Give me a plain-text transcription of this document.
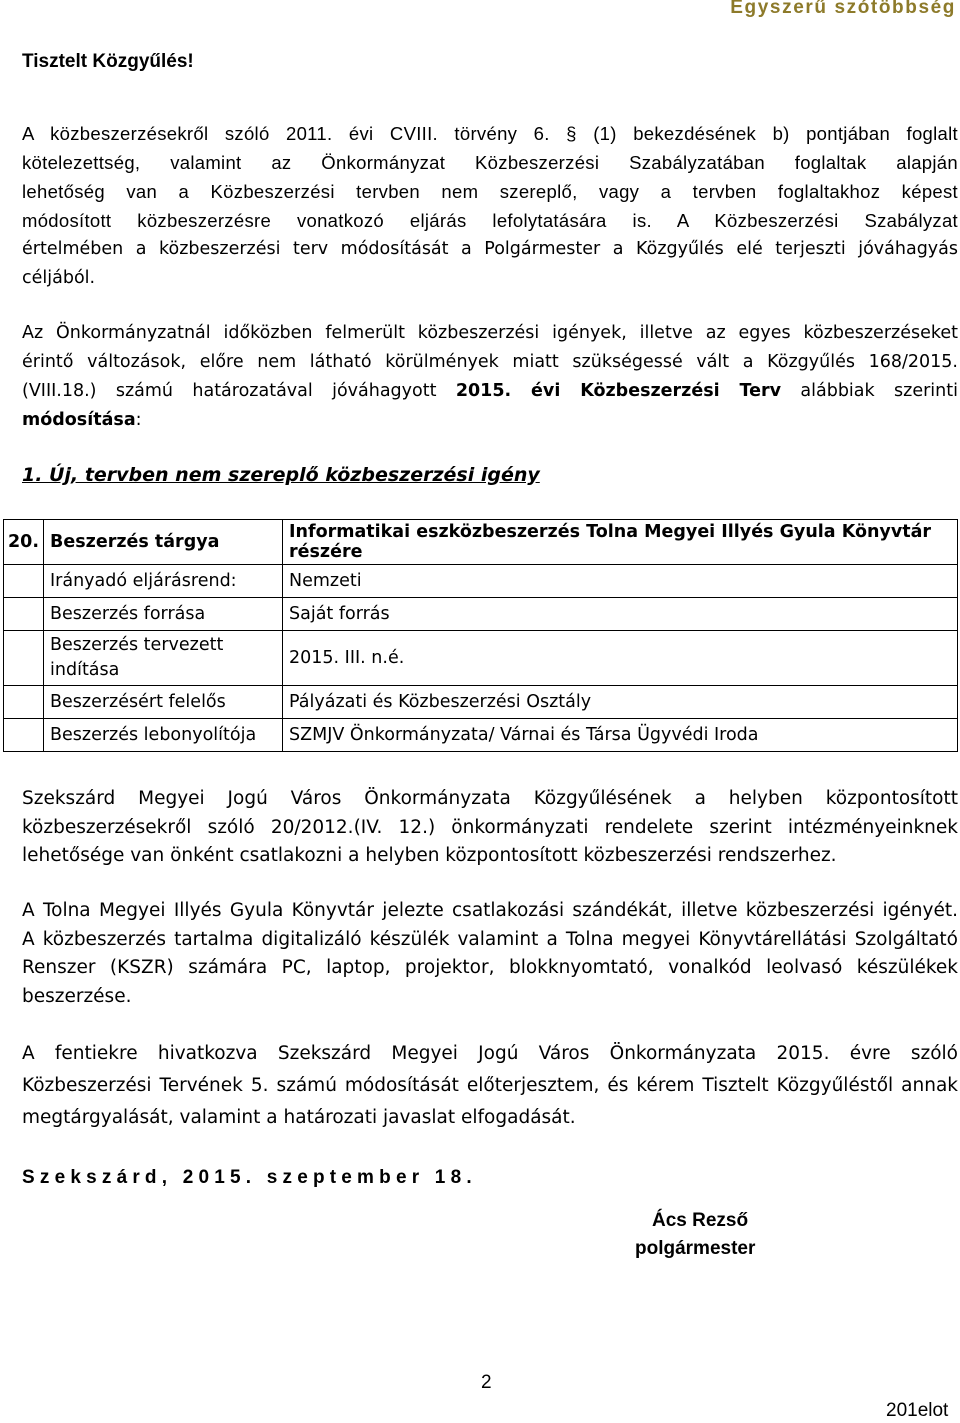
Egyszerű szótöbbség
Tisztelt Közgyűlés!
A közbeszerzésekről szóló 2011. évi CVIII. törvény 6. § (1) bekezdésének b) pontjában foglalt
kötelezettség, valamint az Önkormányzat Közbeszerzési Szabályzatában foglaltak alapján
lehetőség van a Közbeszerzési tervben nem szereplő, vagy a tervben foglaltakhoz képest
módosított közbeszerzésre vonatkozó eljárás lefolytatására is. A Közbeszerzési Szabályzat
értelmében a közbeszerzési terv módosítását a Polgármester a Közgyűlés elé terjeszti jóváhagyás
céljából.
Az Önkormányzatnál időközben felmerült közbeszerzési igények, illetve az egyes közbeszerzéseket
érintő változások, előre nem látható körülmények miatt szükségessé vált a Közgyűlés 168/2015.
(VIII.18.) számú határozatával jóváhagyott 2015. évi Közbeszerzési Terv alábbiak szerinti
módosítása:
1. Új, tervben nem szereplő közbeszerzési igény
20.	Beszerzés tárgya	Informatikai eszközbeszerzés Tolna Megyei Illyés Gyula Könyvtár részére
	Irányadó eljárásrend:	Nemzeti
	Beszerzés forrása	Saját forrás
	Beszerzés tervezett indítása	2015. III. n.é.
	Beszerzésért felelős	Pályázati és Közbeszerzési Osztály
	Beszerzés lebonyolítója	SZMJV Önkormányzata/ Várnai és Társa Ügyvédi Iroda
Szekszárd Megyei Jogú Város Önkormányzata Közgyűlésének a helyben központosított
közbeszerzésekről szóló 20/2012.(IV. 12.) önkormányzati rendelete szerint intézményeinknek
lehetősége van önként csatlakozni a helyben központosított közbeszerzési rendszerhez.
A Tolna Megyei Illyés Gyula Könyvtár jelezte csatlakozási szándékát, illetve közbeszerzési igényét.
A közbeszerzés tartalma digitalizáló készülék valamint a Tolna megyei Könyvtárellátási Szolgáltató
Renszer (KSZR) számára PC, laptop, projektor, blokknyomtató, vonalkód leolvasó készülékek
beszerzése.
A fentiekre hivatkozva Szekszárd Megyei Jogú Város Önkormányzata 2015. évre szóló
Közbeszerzési Tervének 5. számú módosítását előterjesztem, és kérem Tisztelt Közgyűléstől annak
megtárgyalását, valamint a határozati javaslat elfogadását.
Szekszárd, 2015. szeptember 18.
Ács Rezső
polgármester
2
201elot
